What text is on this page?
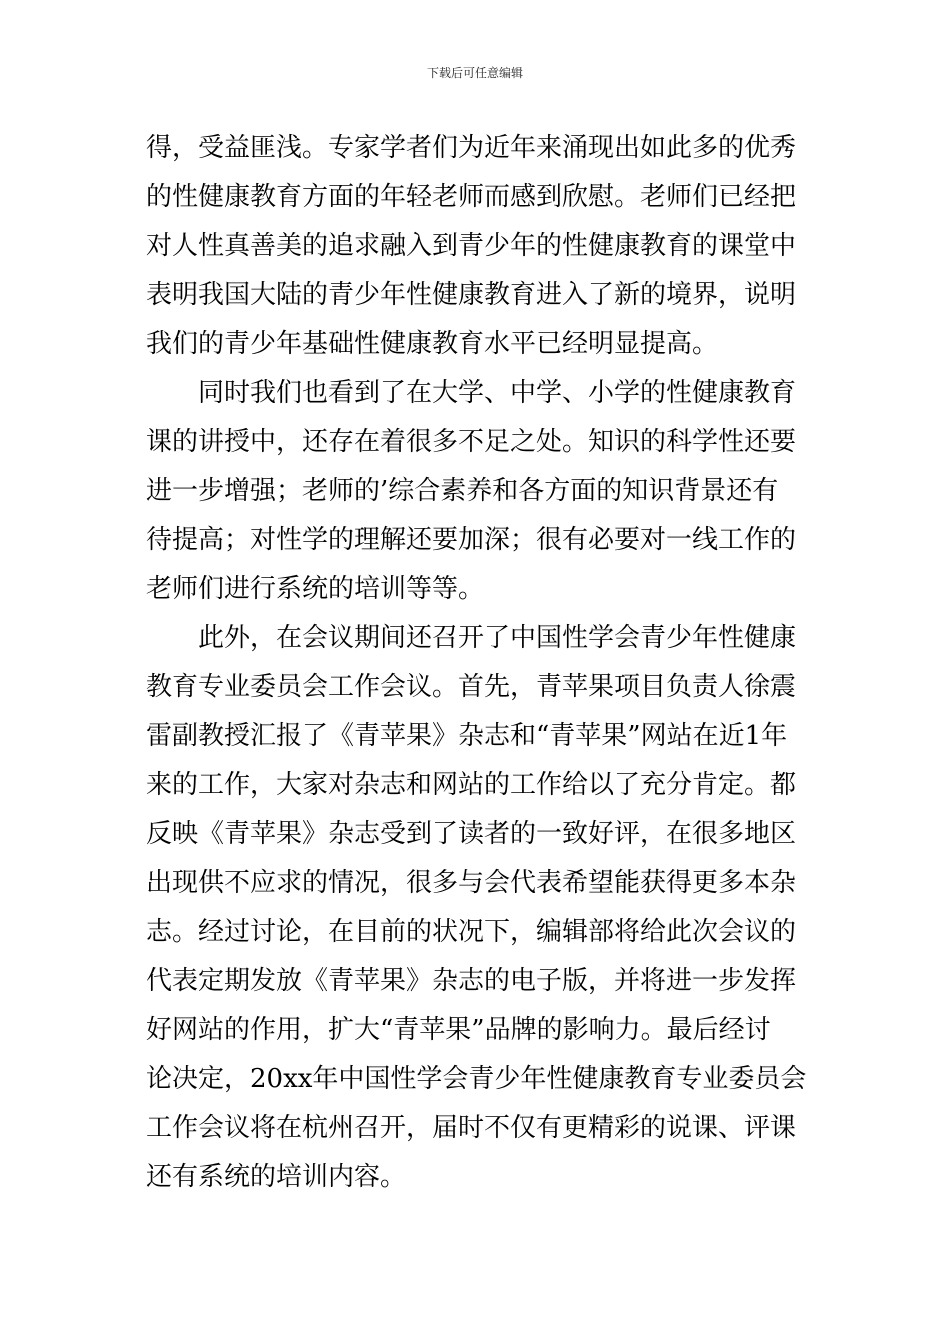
下载后可任意编辑
得，受益匪浅。专家学者们为近年来涌现出如此多的优秀
的性健康教育方面的年轻老师而感到欣慰。老师们已经把
对人性真善美的追求融入到青少年的性健康教育的课堂中
表明我国大陆的青少年性健康教育进入了新的境界，说明
我们的青少年基础性健康教育水平已经明显提高。
同时我们也看到了在大学、中学、小学的性健康教育
课的讲授中，还存在着很多不足之处。知识的科学性还要
进一步增强；老师的’综合素养和各方面的知识背景还有
待提高；对性学的理解还要加深；很有必要对一线工作的
老师们进行系统的培训等等。
此外，在会议期间还召开了中国性学会青少年性健康
教育专业委员会工作会议。首先，青苹果项目负责人徐震
雷副教授汇报了《青苹果》杂志和“青苹果”网站在近1年
来的工作，大家对杂志和网站的工作给以了充分肯定。都
反映《青苹果》杂志受到了读者的一致好评，在很多地区
出现供不应求的情况，很多与会代表希望能获得更多本杂
志。经过讨论，在目前的状况下，编辑部将给此次会议的
代表定期发放《青苹果》杂志的电子版，并将进一步发挥
好网站的作用，扩大“青苹果”品牌的影响力。最后经讨
论决定，20xx年中国性学会青少年性健康教育专业委员会
工作会议将在杭州召开，届时不仅有更精彩的说课、评课
还有系统的培训内容。
